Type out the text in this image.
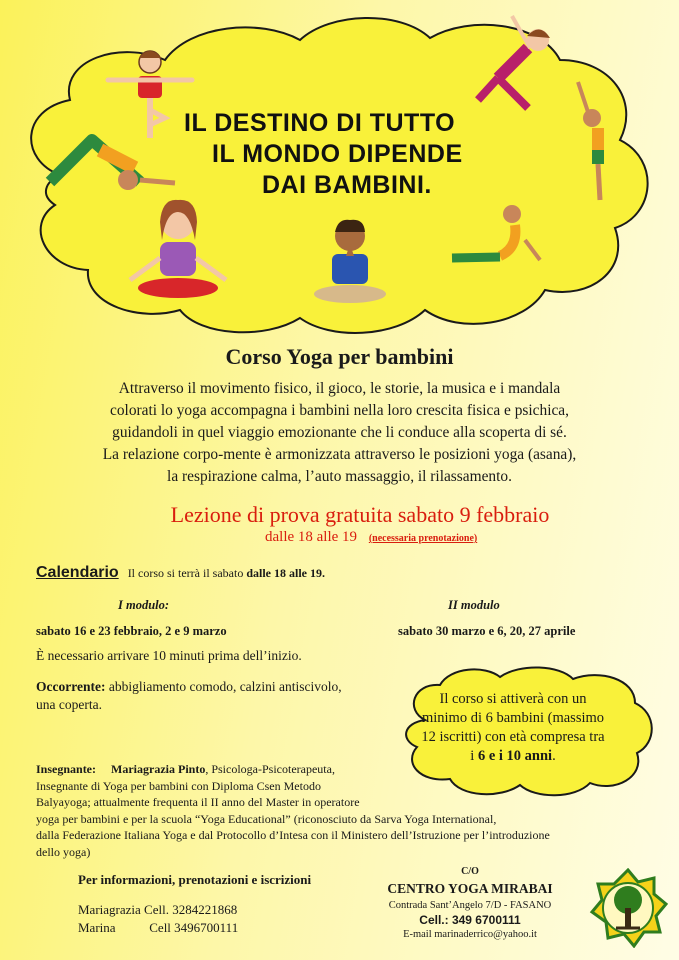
IL DESTINO DI TUTTO
IL MONDO DIPENDE
DAI BAMBINI.
Corso Yoga per bambini
Attraverso il movimento fisico, il gioco, le storie, la musica e i mandala
colorati lo yoga accompagna i bambini nella loro crescita fisica e psichica,
guidandoli in quel viaggio emozionante che li conduce alla scoperta di sé.
La relazione corpo-mente è armonizzata attraverso le posizioni yoga (asana),
la respirazione calma, l’auto massaggio, il rilassamento.
Lezione di prova gratuita sabato 9 febbraio
dalle 18 alle 19 (necessaria prenotazione)
Calendario Il corso si terrà il sabato dalle 18 alle 19.
I modulo:	II modulo
sabato 16 e 23 febbraio, 2 e 9 marzo	sabato 30 marzo e 6, 20, 27 aprile
È necessario arrivare 10 minuti prima dell’inizio.
Occorrente: abbigliamento comodo, calzini antiscivolo,
una coperta.	Il corso si attiverà con un minimo di 6 bambini (massimo 12 iscritti) con età compresa tra i 6 e i 10 anni.
Insegnante: Mariagrazia Pinto, Psicologa-Psicoterapeuta,
Insegnante di Yoga per bambini con Diploma Csen Metodo
Balyayoga; attualmente frequenta il II anno del Master in operatore
yoga per bambini e per la scuola “Yoga Educational” (riconosciuto da Sarva Yoga International,
dalla Federazione Italiana Yoga e dal Protocollo d’Intesa con il Ministero dell’Istruzione per l’introduzione
dello yoga)
Per informazioni, prenotazioni e iscrizioni
Mariagrazia Cell. 3284221868
Marina	Cell 3496700111
C/O
CENTRO YOGA MIRABAI
Contrada Sant’Angelo 7/D - FASANO
Cell.: 349 6700111
E-mail marinaderrico@yahoo.it
